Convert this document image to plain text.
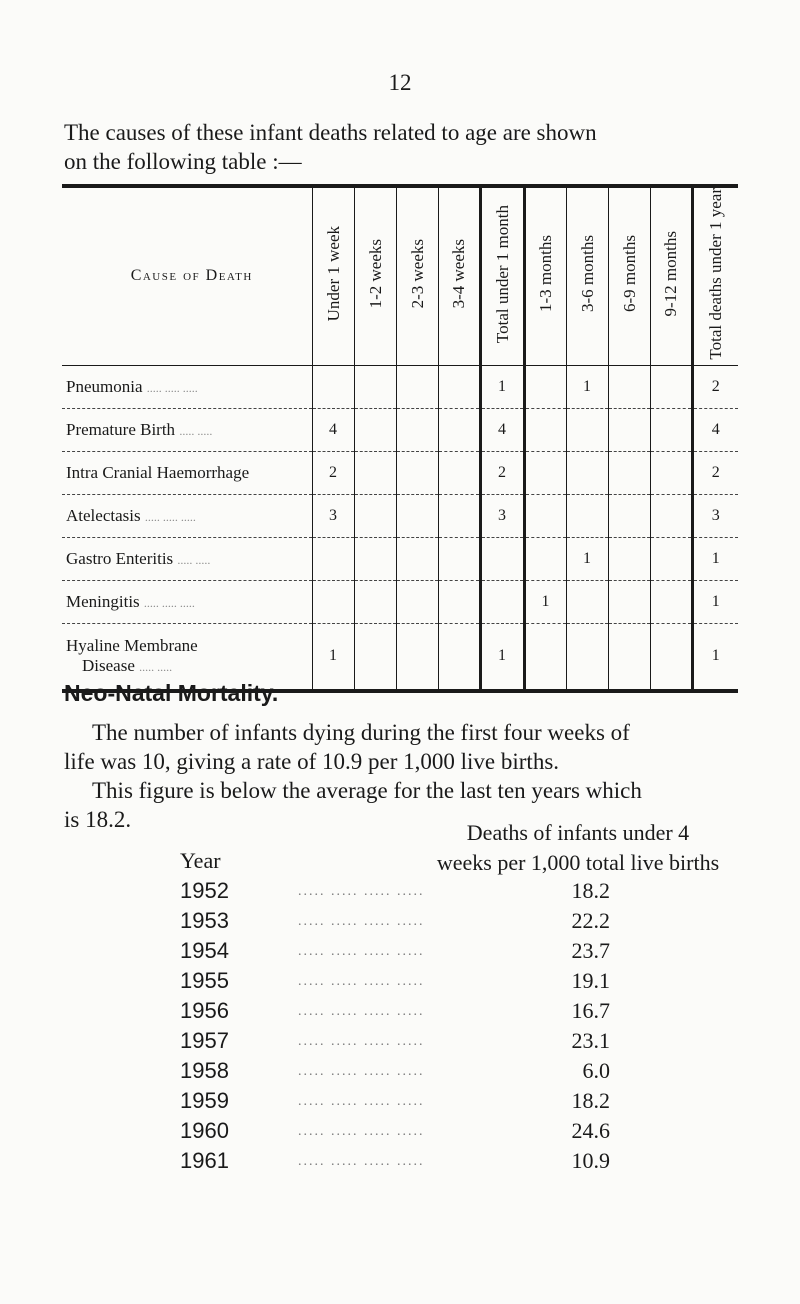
12
The causes of these infant deaths related to age are shown
on the following table :—
Cause of Death	Under 1 week	1-2 weeks	2-3 weeks	3-4 weeks	Total under 1 month	1-3 months	3-6 months	6-9 months	9-12 months	Total deaths under 1 year
Pneumonia ..... ..... .....					1		1			2
Premature Birth ..... .....	4				4					4
Intra Cranial Haemorrhage	2				2					2
Atelectasis ..... ..... .....	3				3					3
Gastro Enteritis ..... .....							1			1
Meningitis ..... ..... .....						1				1

Hyaline Membrane
Disease ..... .....	1				1					1
Neo-Natal Mortality.
The number of infants dying during the first four weeks of
life was 10, giving a rate of 10.9 per 1,000 live births.
This figure is below the average for the last ten years which
is 18.2.
Year
Deaths of infants under 4
weeks per 1,000 total live births
1952	..... ..... ..... .....	18.2
1953	..... ..... ..... .....	22.2
1954	..... ..... ..... .....	23.7
1955	..... ..... ..... .....	19.1
1956	..... ..... ..... .....	16.7
1957	..... ..... ..... .....	23.1
1958	..... ..... ..... .....	6.0
1959	..... ..... ..... .....	18.2
1960	..... ..... ..... .....	24.6
1961	..... ..... ..... .....	10.9
